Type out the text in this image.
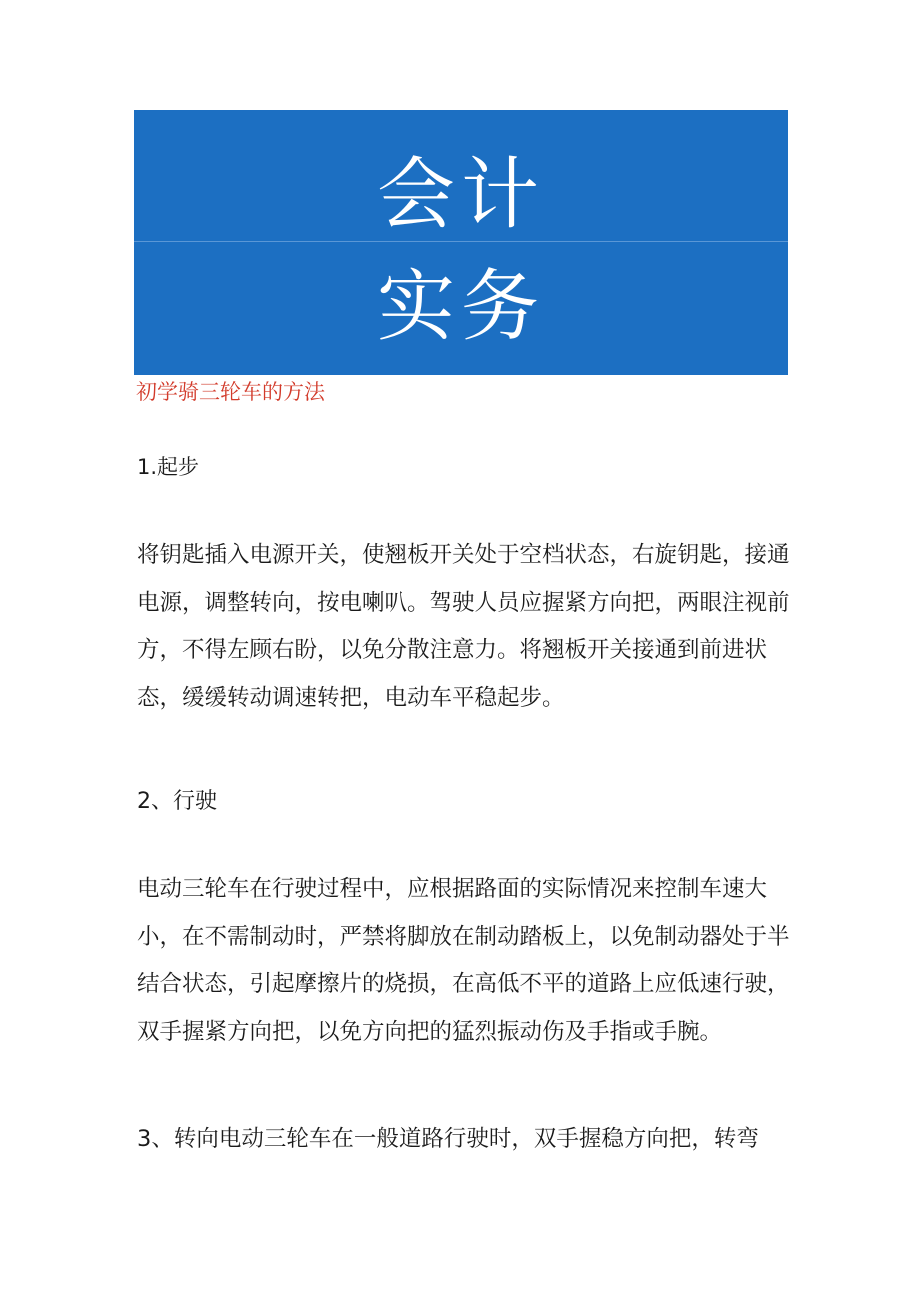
会计
实务
初学骑三轮车的方法
1.起步

将钥匙插入电源开关，使翘板开关处于空档状态，右旋钥匙，接通电源，调整转向，按电喇叭。驾驶人员应握紧方向把，两眼注视前方，不得左顾右盼，以免分散注意力。将翘板开关接通到前进状态，缓缓转动调速转把，电动车平稳起步。

2、行驶

电动三轮车在行驶过程中，应根据路面的实际情况来控制车速大小，在不需制动时，严禁将脚放在制动踏板上，以免制动器处于半结合状态，引起摩擦片的烧损，在高低不平的道路上应低速行驶，双手握紧方向把，以免方向把的猛烈振动伤及手指或手腕。

3、转向电动三轮车在一般道路行驶时，双手握稳方向把，转弯
